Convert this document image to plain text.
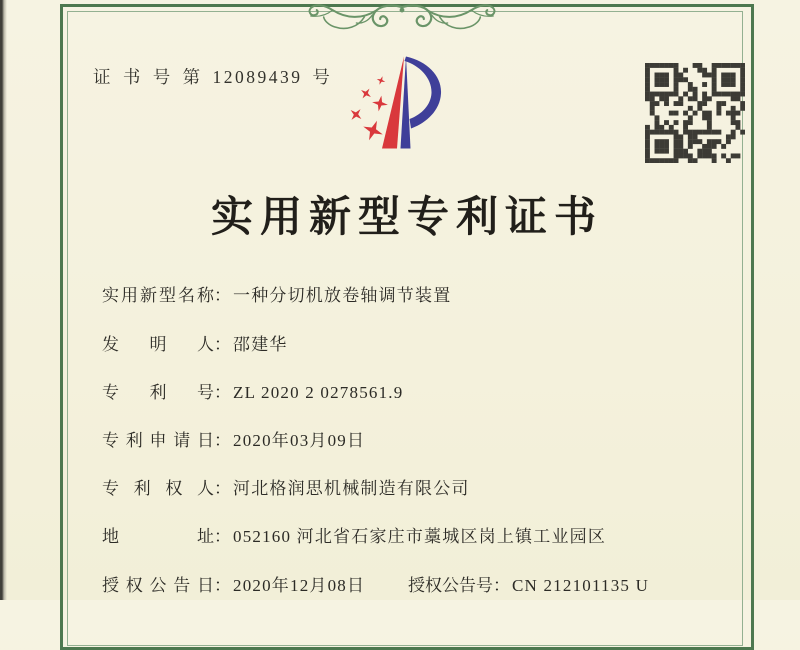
证 书 号 第 12089439 号
实用新型专利证书
实用新型名称： 一种分切机放卷轴调节装置
发明人： 邵建华
专利号： ZL 2020 2 0278561.9
专利申请日： 2020年03月09日
专利权人： 河北格润思机械制造有限公司
地址： 052160 河北省石家庄市藁城区岗上镇工业园区
授权公告日： 2020年12月08日	授权公告号： CN 212101135 U
